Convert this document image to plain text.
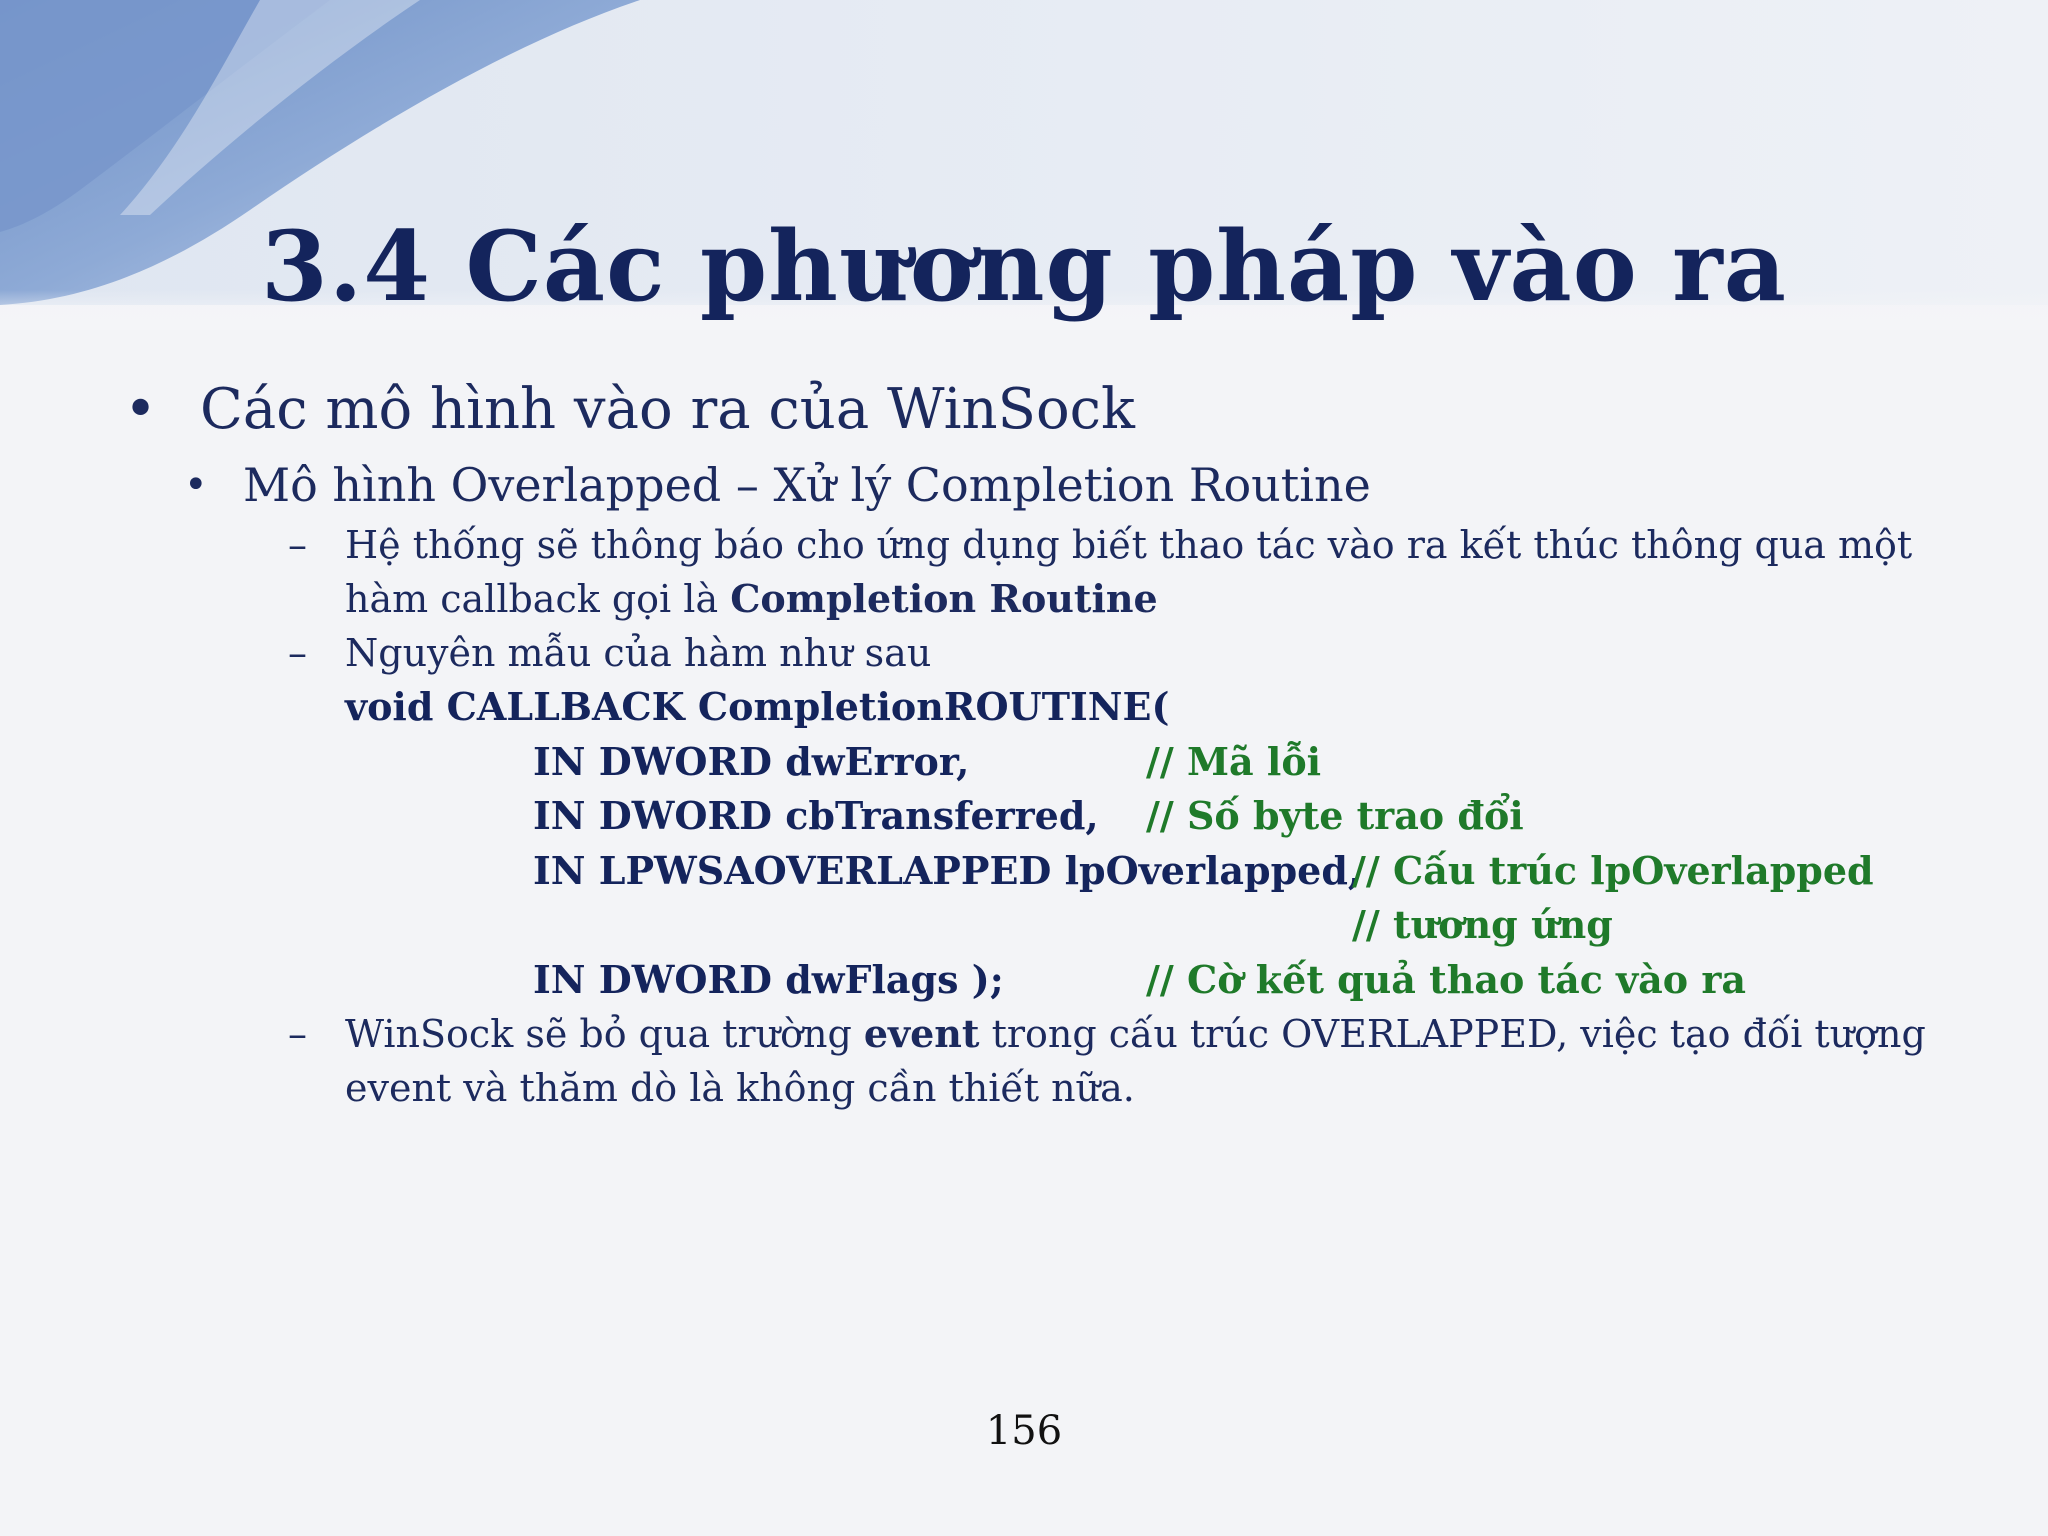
3.4 Các phương pháp vào ra
• Các mô hình vào ra của WinSock
• Mô hình Overlapped – Xử lý Completion Routine
– Hệ thống sẽ thông báo cho ứng dụng biết thao tác vào ra kết thúc thông qua một
hàm callback gọi là Completion Routine
– Nguyên mẫu của hàm như sau
void CALLBACK CompletionROUTINE(
IN DWORD dwError,	// Mã lỗi
IN DWORD cbTransferred, // Số byte trao đổi
IN LPWSAOVERLAPPED lpOverlapped,
// Cấu trúc lpOverlapped
// tương ứng
IN DWORD dwFlags );	// Cờ kết quả thao tác vào ra
– WinSock sẽ bỏ qua trường event trong cấu trúc OVERLAPPED, việc tạo đối tượng
event và thăm dò là không cần thiết nữa.
156
